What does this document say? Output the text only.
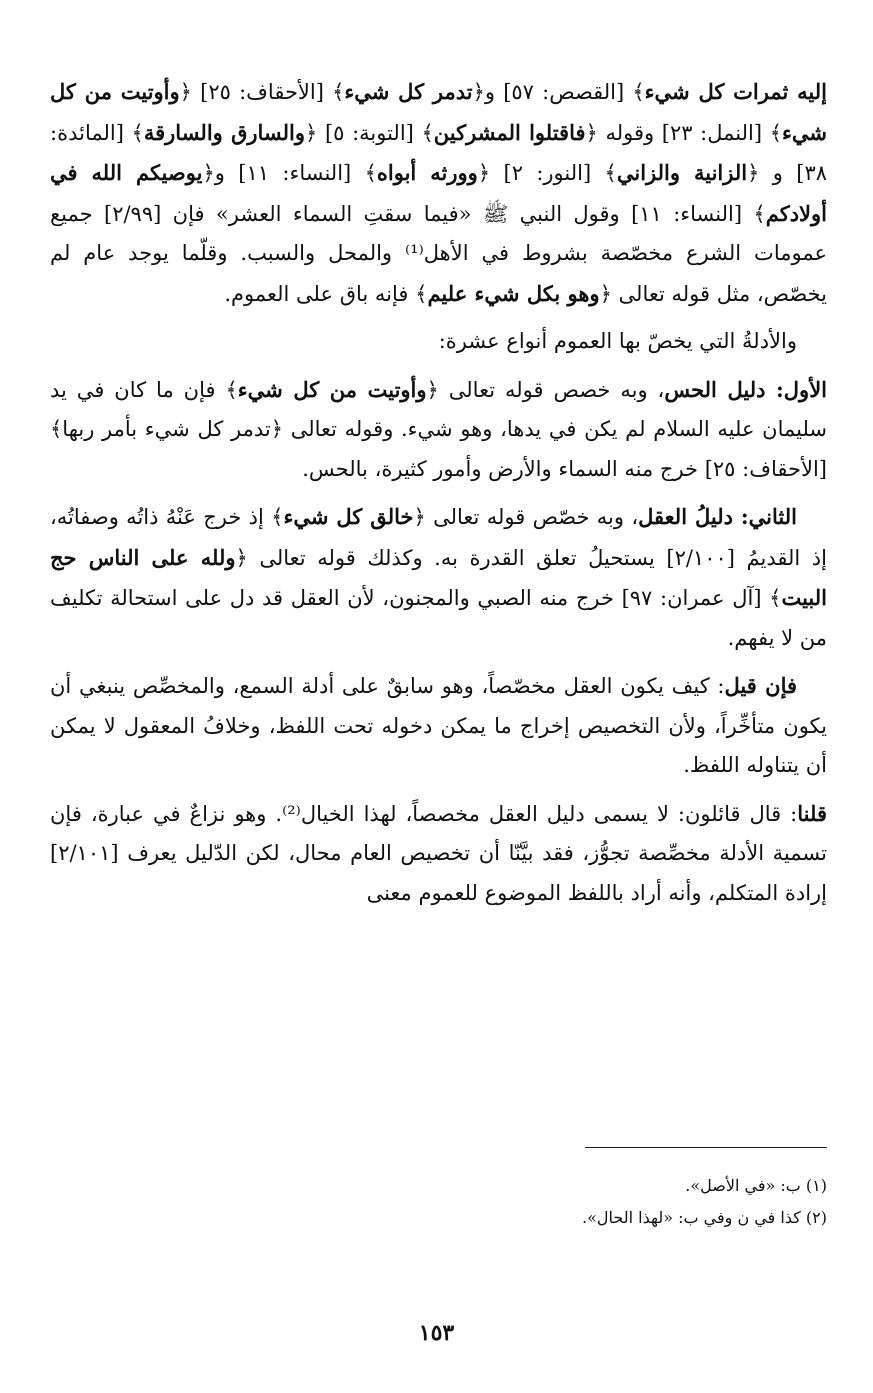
إليه ثمرات كل شيء﴾ [القصص: ٥٧] و﴿تدمر كل شيء﴾ [الأحقاف: ٢٥] ﴿وأوتيت من كل شيء﴾ [النمل: ٢٣] وقوله ﴿فاقتلوا المشركين﴾ [التوبة: ٥] ﴿والسارق والسارقة﴾ [المائدة: ٣٨] و ﴿الزانية والزاني﴾ [النور: ٢] ﴿وورثه أبواه﴾ [النساء: ١١] و﴿يوصيكم الله في أولادكم﴾ [النساء: ١١] وقول النبي ﷺ «فيما سقتِ السماء العشر» فإن [٢/٩٩] جميع عمومات الشرع مخصّصة بشروط في الأهل⁽¹⁾ والمحل والسبب. وقلّما يوجد عام لم يخصّص، مثل قوله تعالى ﴿وهو بكل شيء عليم﴾ فإنه باق على العموم.

والأدلةُ التي يخصّ بها العموم أنواع عشرة:

الأول: دليل الحس، وبه خصص قوله تعالى ﴿وأوتيت من كل شيء﴾ فإن ما كان في يد سليمان عليه السلام لم يكن في يدها، وهو شيء. وقوله تعالى ﴿تدمر كل شيء بأمر ربها﴾ [الأحقاف: ٢٥] خرج منه السماء والأرض وأمور كثيرة، بالحس.

الثاني: دليلُ العقل، وبه خصّص قوله تعالى ﴿خالق كل شيء﴾ إذ خرج عَنْهُ ذاتُه وصفاتُه، إذ القديمُ [٢/١٠٠] يستحيلُ تعلق القدرة به. وكذلك قوله تعالى ﴿ولله على الناس حج البيت﴾ [آل عمران: ٩٧] خرج منه الصبي والمجنون، لأن العقل قد دل على استحالة تكليف من لا يفهم.

فإن قيل: كيف يكون العقل مخصّصاً، وهو سابقٌ على أدلة السمع، والمخصِّص ينبغي أن يكون متأخِّراً، ولأن التخصيص إخراج ما يمكن دخوله تحت اللفظ، وخلافُ المعقول لا يمكن أن يتناوله اللفظ.

قلنا: قال قائلون: لا يسمى دليل العقل مخصصاً، لهذا الخيال⁽²⁾. وهو نزاعٌ في عبارة، فإن تسمية الأدلة مخصِّصة تجوُّز، فقد بيَّنّا أن تخصيص العام محال، لكن الدّليل يعرف [٢/١٠١] إرادة المتكلم، وأنه أراد باللفظ الموضوع للعموم معنى

(١) ب: «في الأصل».

(٢) كذا في ن وفي ب: «لهذا الحال».

١٥٣
